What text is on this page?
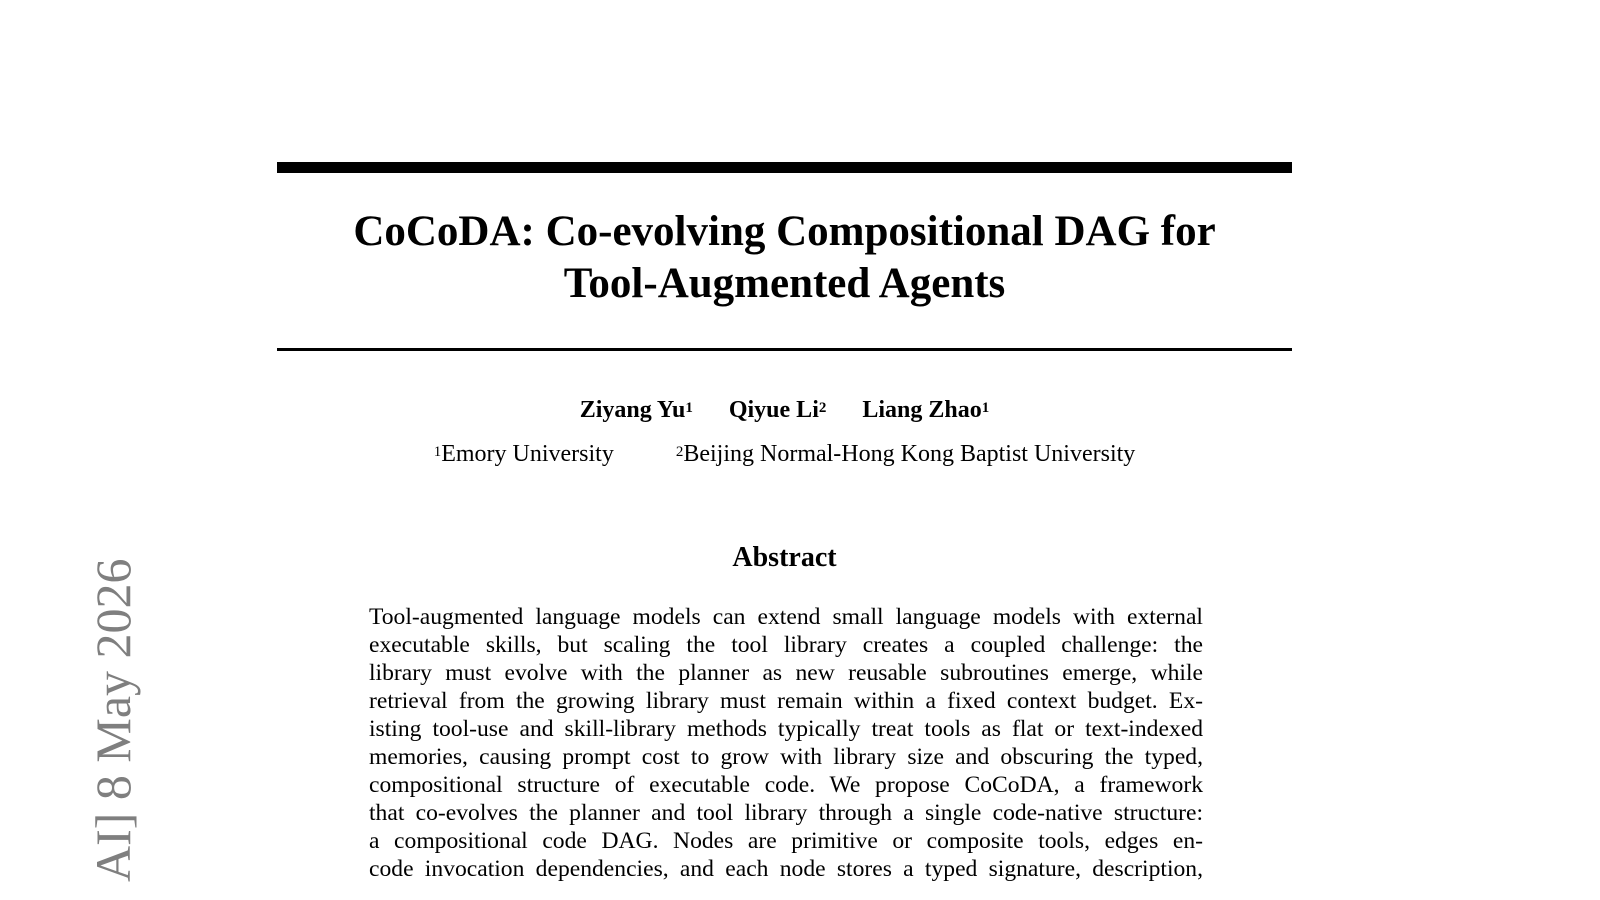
AI] 8 May 2026
CoCoDA: Co-evolving Compositional DAG for
Tool-Augmented Agents
Ziyang Yu$^1$ Qiyue Li$^2$ Liang Zhao$^1$
$^1$Emory University	$^2$Beijing Normal-Hong Kong Baptist University
Abstract
Tool-augmented language models can extend small language models with external
executable skills, but scaling the tool library creates a coupled challenge: the
library must evolve with the planner as new reusable subroutines emerge, while
retrieval from the growing library must remain within a fixed context budget. Ex-
isting tool-use and skill-library methods typically treat tools as flat or text-indexed
memories, causing prompt cost to grow with library size and obscuring the typed,
compositional structure of executable code. We propose CoCoDA, a framework
that co-evolves the planner and tool library through a single code-native structure:
a compositional code DAG. Nodes are primitive or composite tools, edges en-
code invocation dependencies, and each node stores a typed signature, description,
